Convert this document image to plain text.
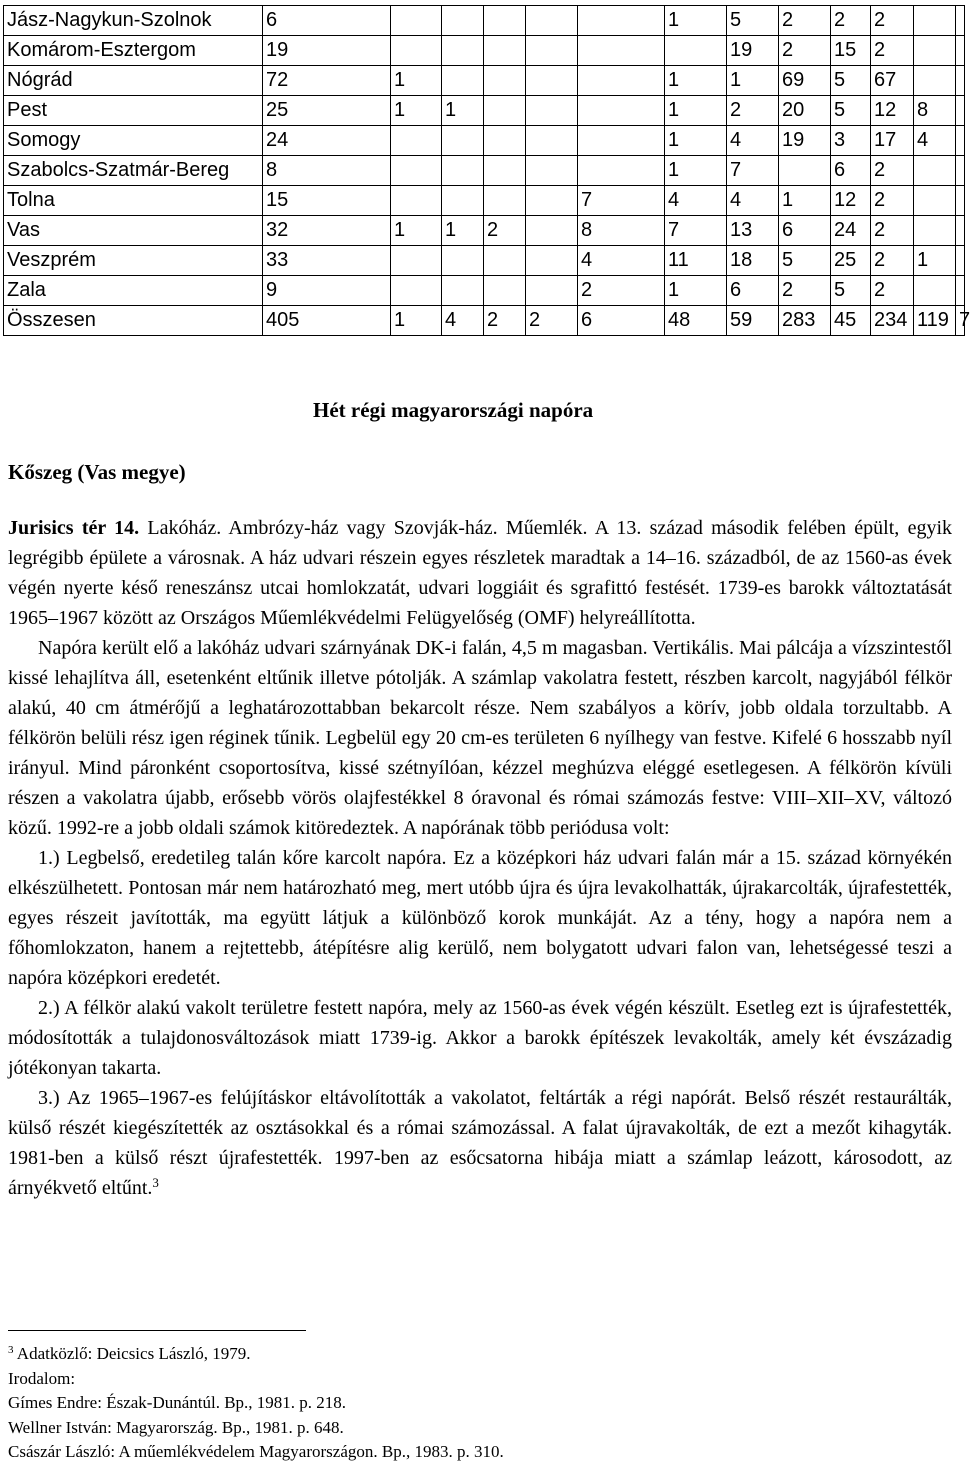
Jász-Nagykun-Szolnok	6						1	5	2	2	2		
Komárom-Esztergom	19							19	2	15	2		
Nógrád	72	1					1	1	69	5	67		
Pest	25	1	1				1	2	20	5	12	8	
Somogy	24						1	4	19	3	17	4	
Szabolcs-Szatmár-Bereg	8						1	7		6	2		
Tolna	15					7	4	4	1	12	2		
Vas	32	1	1	2		8	7	13	6	24	2		
Veszprém	33					4	11	18	5	25	2	1	
Zala	9					2	1	6	2	5	2		
Összesen	405	1	4	2	2	6	48	59	283	45	234	119	7
Hét régi magyarországi napóra
Kőszeg (Vas megye)

Jurisics tér 14. Lakóház. Ambrózy-ház vagy Szovják-ház. Műemlék. A 13. század második felében épült, egyik legrégibb épülete a városnak. A ház udvari részein egyes részletek maradtak a 14–16. századból, de az 1560-as évek végén nyerte késő reneszánsz utcai homlokzatát, udvari loggiáit és sgrafittó festését. 1739-es barokk változtatását 1965–1967 között az Országos Műemlékvédelmi Felügyelőség (OMF) helyreállította.

Napóra került elő a lakóház udvari szárnyának DK-i falán, 4,5 m magasban. Vertikális. Mai pálcája a vízszintestől kissé lehajlítva áll, esetenként eltűnik illetve pótolják. A számlap vakolatra festett, részben karcolt, nagyjából félkör alakú, 40 cm átmérőjű a leghatározottabban bekarcolt része. Nem szabályos a körív, jobb oldala torzultabb. A félkörön belüli rész igen réginek tűnik. Legbelül egy 20 cm-es területen 6 nyílhegy van festve. Kifelé 6 hosszabb nyíl irányul. Mind páronként csoportosítva, kissé szétnyílóan, kézzel meghúzva eléggé esetlegesen. A félkörön kívüli részen a vakolatra újabb, erősebb vörös olajfestékkel 8 óravonal és római számozás festve: VIII–XII–XV, változó közű. 1992-re a jobb oldali számok kitöredeztek. A napórának több periódusa volt:

1.) Legbelső, eredetileg talán kőre karcolt napóra. Ez a középkori ház udvari falán már a 15. század környékén elkészülhetett. Pontosan már nem határozható meg, mert utóbb újra és újra levakolhatták, újrakarcolták, újrafestették, egyes részeit javították, ma együtt látjuk a különböző korok munkáját. Az a tény, hogy a napóra nem a főhomlokzaton, hanem a rejtettebb, átépítésre alig kerülő, nem bolygatott udvari falon van, lehetségessé teszi a napóra középkori eredetét.

2.) A félkör alakú vakolt területre festett napóra, mely az 1560-as évek végén készült. Esetleg ezt is újrafestették, módosították a tulajdonosváltozások miatt 1739-ig. Akkor a barokk építészek levakolták, amely két évszázadig jótékonyan takarta.

3.) Az 1965–1967-es felújításkor eltávolították a vakolatot, feltárták a régi napórát. Belső részét restaurálták, külső részét kiegészítették az osztásokkal és a római számozással. A falat újravakolták, de ezt a mezőt kihagyták. 1981-ben a külső részt újrafestették. 1997-ben az esőcsatorna hibája miatt a számlap leázott, károsodott, az árnyékvető eltűnt.$^3$

$^3$ Adatközlő: Deicsics László, 1979.
Irodalom:
Gímes Endre: Észak-Dunántúl. Bp., 1981. p. 218.
Wellner István: Magyarország. Bp., 1981. p. 648.
Császár László: A műemlékvédelem Magyarországon. Bp., 1983. p. 310.
